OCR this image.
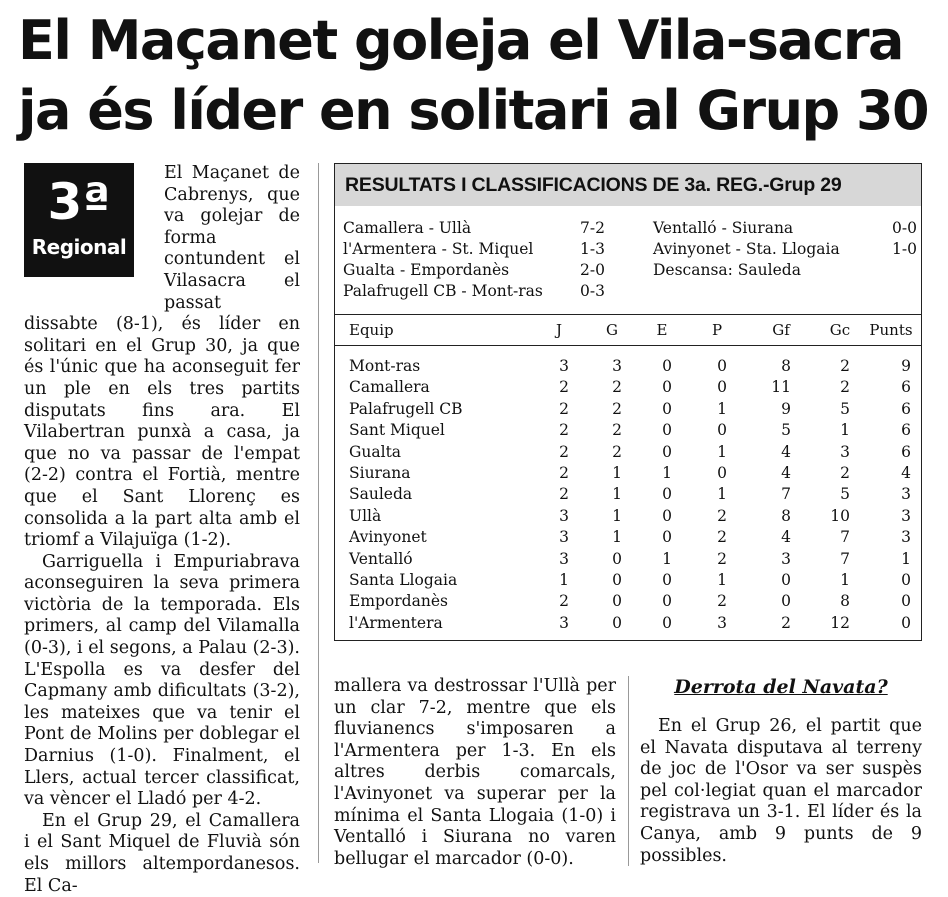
El Maçanet goleja el Vila-sacra
ja és líder en solitari al Grup 30

El Maçanet de Cabrenys, que va golejar de forma contundent el Vilasacra el passat dissabte (8-1), és líder en solitari en el Grup 30, ja que és l'únic que ha aconseguit fer un ple en els tres partits disputats fins ara. El Vilabertran punxà a casa, ja que no va passar de l'empat (2-2) contra el Fortià, mentre que el Sant Llorenç es consolida a la part alta amb el triomf a Vilajuïga (1-2).

Garriguella i Empuriabrava aconseguiren la seva primera victòria de la temporada. Els primers, al camp del Vilamalla (0-3), i el segons, a Palau (2-3). L'Espolla es va desfer del Capmany amb dificultats (3-2), les mateixes que va tenir el Pont de Molins per doblegar el Darnius (1-0). Finalment, el Llers, actual tercer classificat, va vèncer el Lladó per 4-2.

En el Grup 29, el Camallera i el Sant Miquel de Fluvià són els millors altempordanesos. El Ca-

3ª
Regional
RESULTATS I CLASSIFICACIONS DE 3a. REG.-Grup 29
Camallera - Ullà	7-2
l'Armentera - St. Miquel	1-3
Gualta - Empordanès	2-0
Palafrugell CB - Mont-ras 0-3
Ventalló - Siurana	0-0
Avinyonet - Sta. Llogaia	1-0
Descansa: Sauleda
Equip	J	G	E	P	Gf	Gc	Punts
Mont-ras	3	3	0	0	8	2	9
Camallera	2	2	0	0	11	2	6
Palafrugell CB	2	2	0	1	9	5	6
Sant Miquel	2	2	0	0	5	1	6
Gualta	2	2	0	1	4	3	6
Siurana	2	1	1	0	4	2	4
Sauleda	2	1	0	1	7	5	3
Ullà	3	1	0	2	8	10	3
Avinyonet	3	1	0	2	4	7	3
Ventalló	3	0	1	2	3	7	1
Santa Llogaia	1	0	0	1	0	1	0
Empordanès	2	0	0	2	0	8	0
l'Armentera	3	0	0	3	2	12	0
mallera va destrossar l'Ullà per un clar 7-2, mentre que els fluvianencs s'imposaren a l'Armentera per 1-3. En els altres derbis comarcals, l'Avinyonet va superar per la mínima el Santa Llogaia (1-0) i Ventalló i Siurana no varen bellugar el marcador (0-0).
Derrota del Navata?

En el Grup 26, el partit que el Navata disputava al terreny de joc de l'Osor va ser suspès pel col·legiat quan el marcador registrava un 3-1. El líder és la Canya, amb 9 punts de 9 possibles.
